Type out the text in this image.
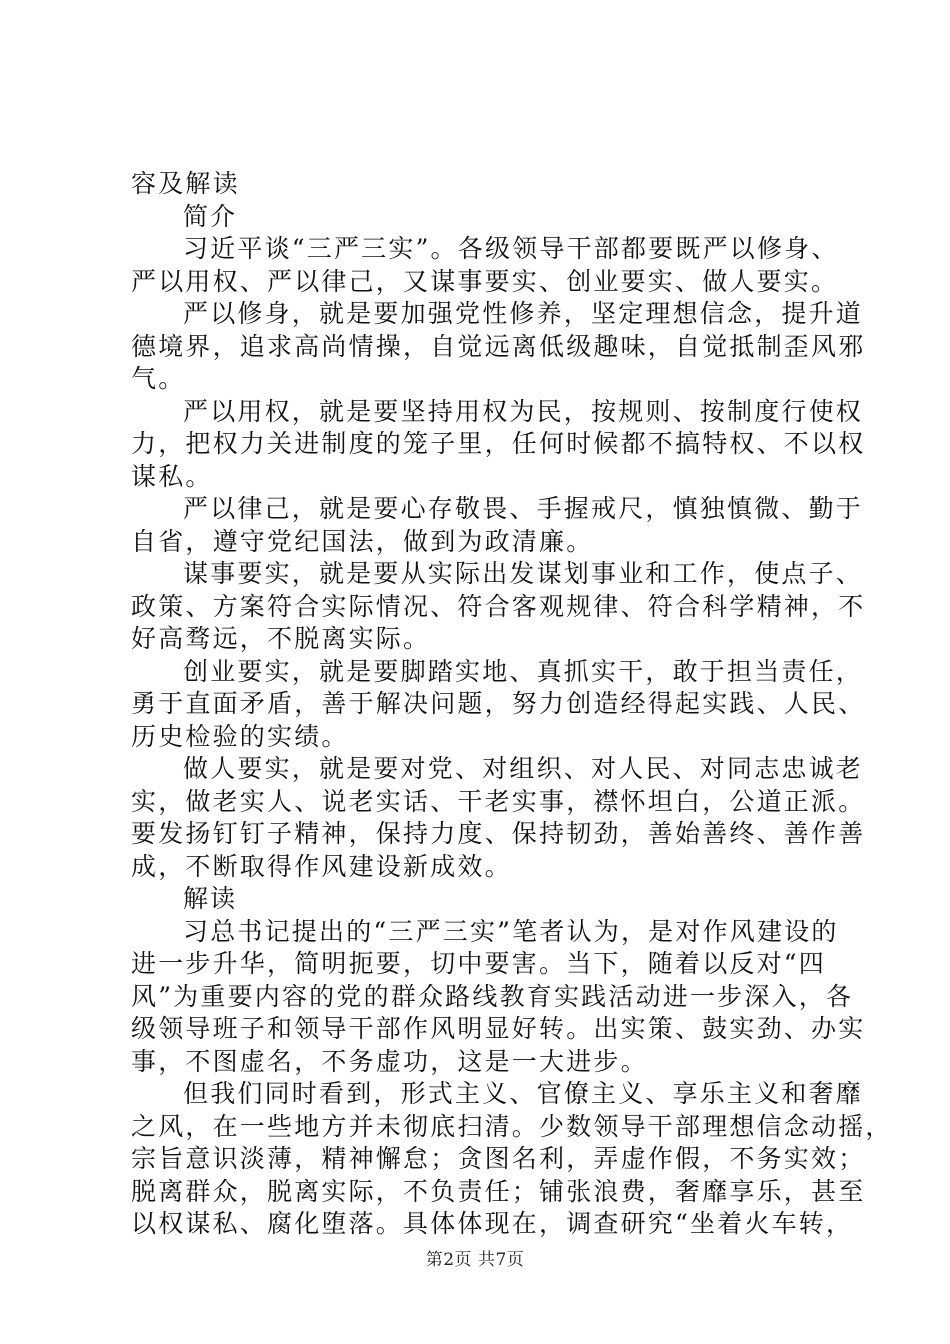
容及解读

简介

习近平谈“三严三实”。各级领导干部都要既严以修身、

严以用权、严以律己，又谋事要实、创业要实、做人要实。

严以修身，就是要加强党性修养，坚定理想信念，提升道

德境界，追求高尚情操，自觉远离低级趣味，自觉抵制歪风邪

气。

严以用权，就是要坚持用权为民，按规则、按制度行使权

力，把权力关进制度的笼子里，任何时候都不搞特权、不以权

谋私。

严以律己，就是要心存敬畏、手握戒尺，慎独慎微、勤于

自省，遵守党纪国法，做到为政清廉。

谋事要实，就是要从实际出发谋划事业和工作，使点子、

政策、方案符合实际情况、符合客观规律、符合科学精神，不

好高骛远，不脱离实际。

创业要实，就是要脚踏实地、真抓实干，敢于担当责任，

勇于直面矛盾，善于解决问题，努力创造经得起实践、人民、

历史检验的实绩。

做人要实，就是要对党、对组织、对人民、对同志忠诚老

实，做老实人、说老实话、干老实事，襟怀坦白，公道正派。

要发扬钉钉子精神，保持力度、保持韧劲，善始善终、善作善

成，不断取得作风建设新成效。

解读

习总书记提出的“三严三实”笔者认为，是对作风建设的

进一步升华，简明扼要，切中要害。当下，随着以反对“四

风”为重要内容的党的群众路线教育实践活动进一步深入，各

级领导班子和领导干部作风明显好转。出实策、鼓实劲、办实

事，不图虚名，不务虚功，这是一大进步。

但我们同时看到，形式主义、官僚主义、享乐主义和奢靡

之风，在一些地方并未彻底扫清。少数领导干部理想信念动摇，

宗旨意识淡薄，精神懈怠；贪图名利，弄虚作假，不务实效；

脱离群众，脱离实际，不负责任；铺张浪费，奢靡享乐，甚至

以权谋私、腐化堕落。具体体现在，调查研究“坐着火车转，

第2页 共7页
